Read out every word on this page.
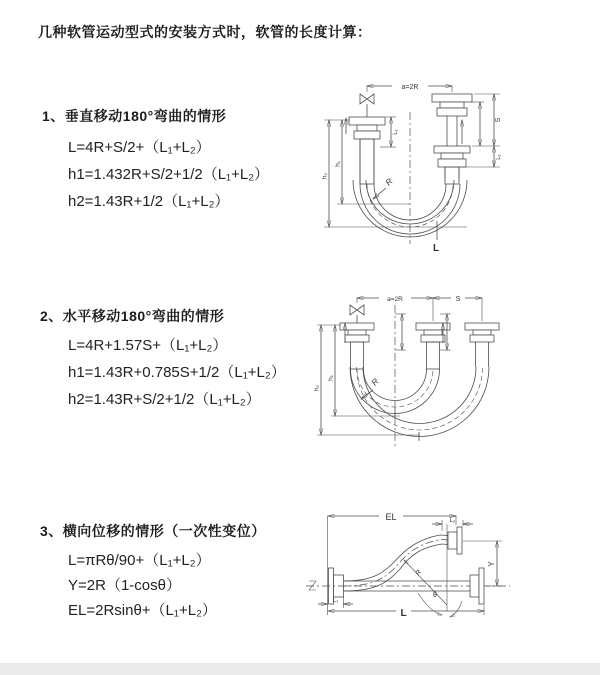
几种软管运动型式的安装方式时，软管的长度计算：
1、垂直移动180°弯曲的情形
L=4R+S/2+（L₁+L₂）
h1=1.432R+S/2+1/2（L₁+L₂）
h2=1.43R+1/2（L₁+L₂）
2、水平移动180°弯曲的情形
L=4R+1.57S+（L₁+L₂）
h1=1.43R+0.785S+1/2（L₁+L₂）
h2=1.43R+S/2+1/2（L₁+L₂）
3、横向位移的情形（一次性变位）
L=πRθ/90+（L₁+L₂）
Y=2R（1-cosθ）
EL=2Rsinθ+（L₁+L₂）
a=2R
L₁
S
L₁
h₁
h₂
R
L
a=2R	S
h₁
h₂
R
EL	L₂
Y
R
θ
L₁
L
